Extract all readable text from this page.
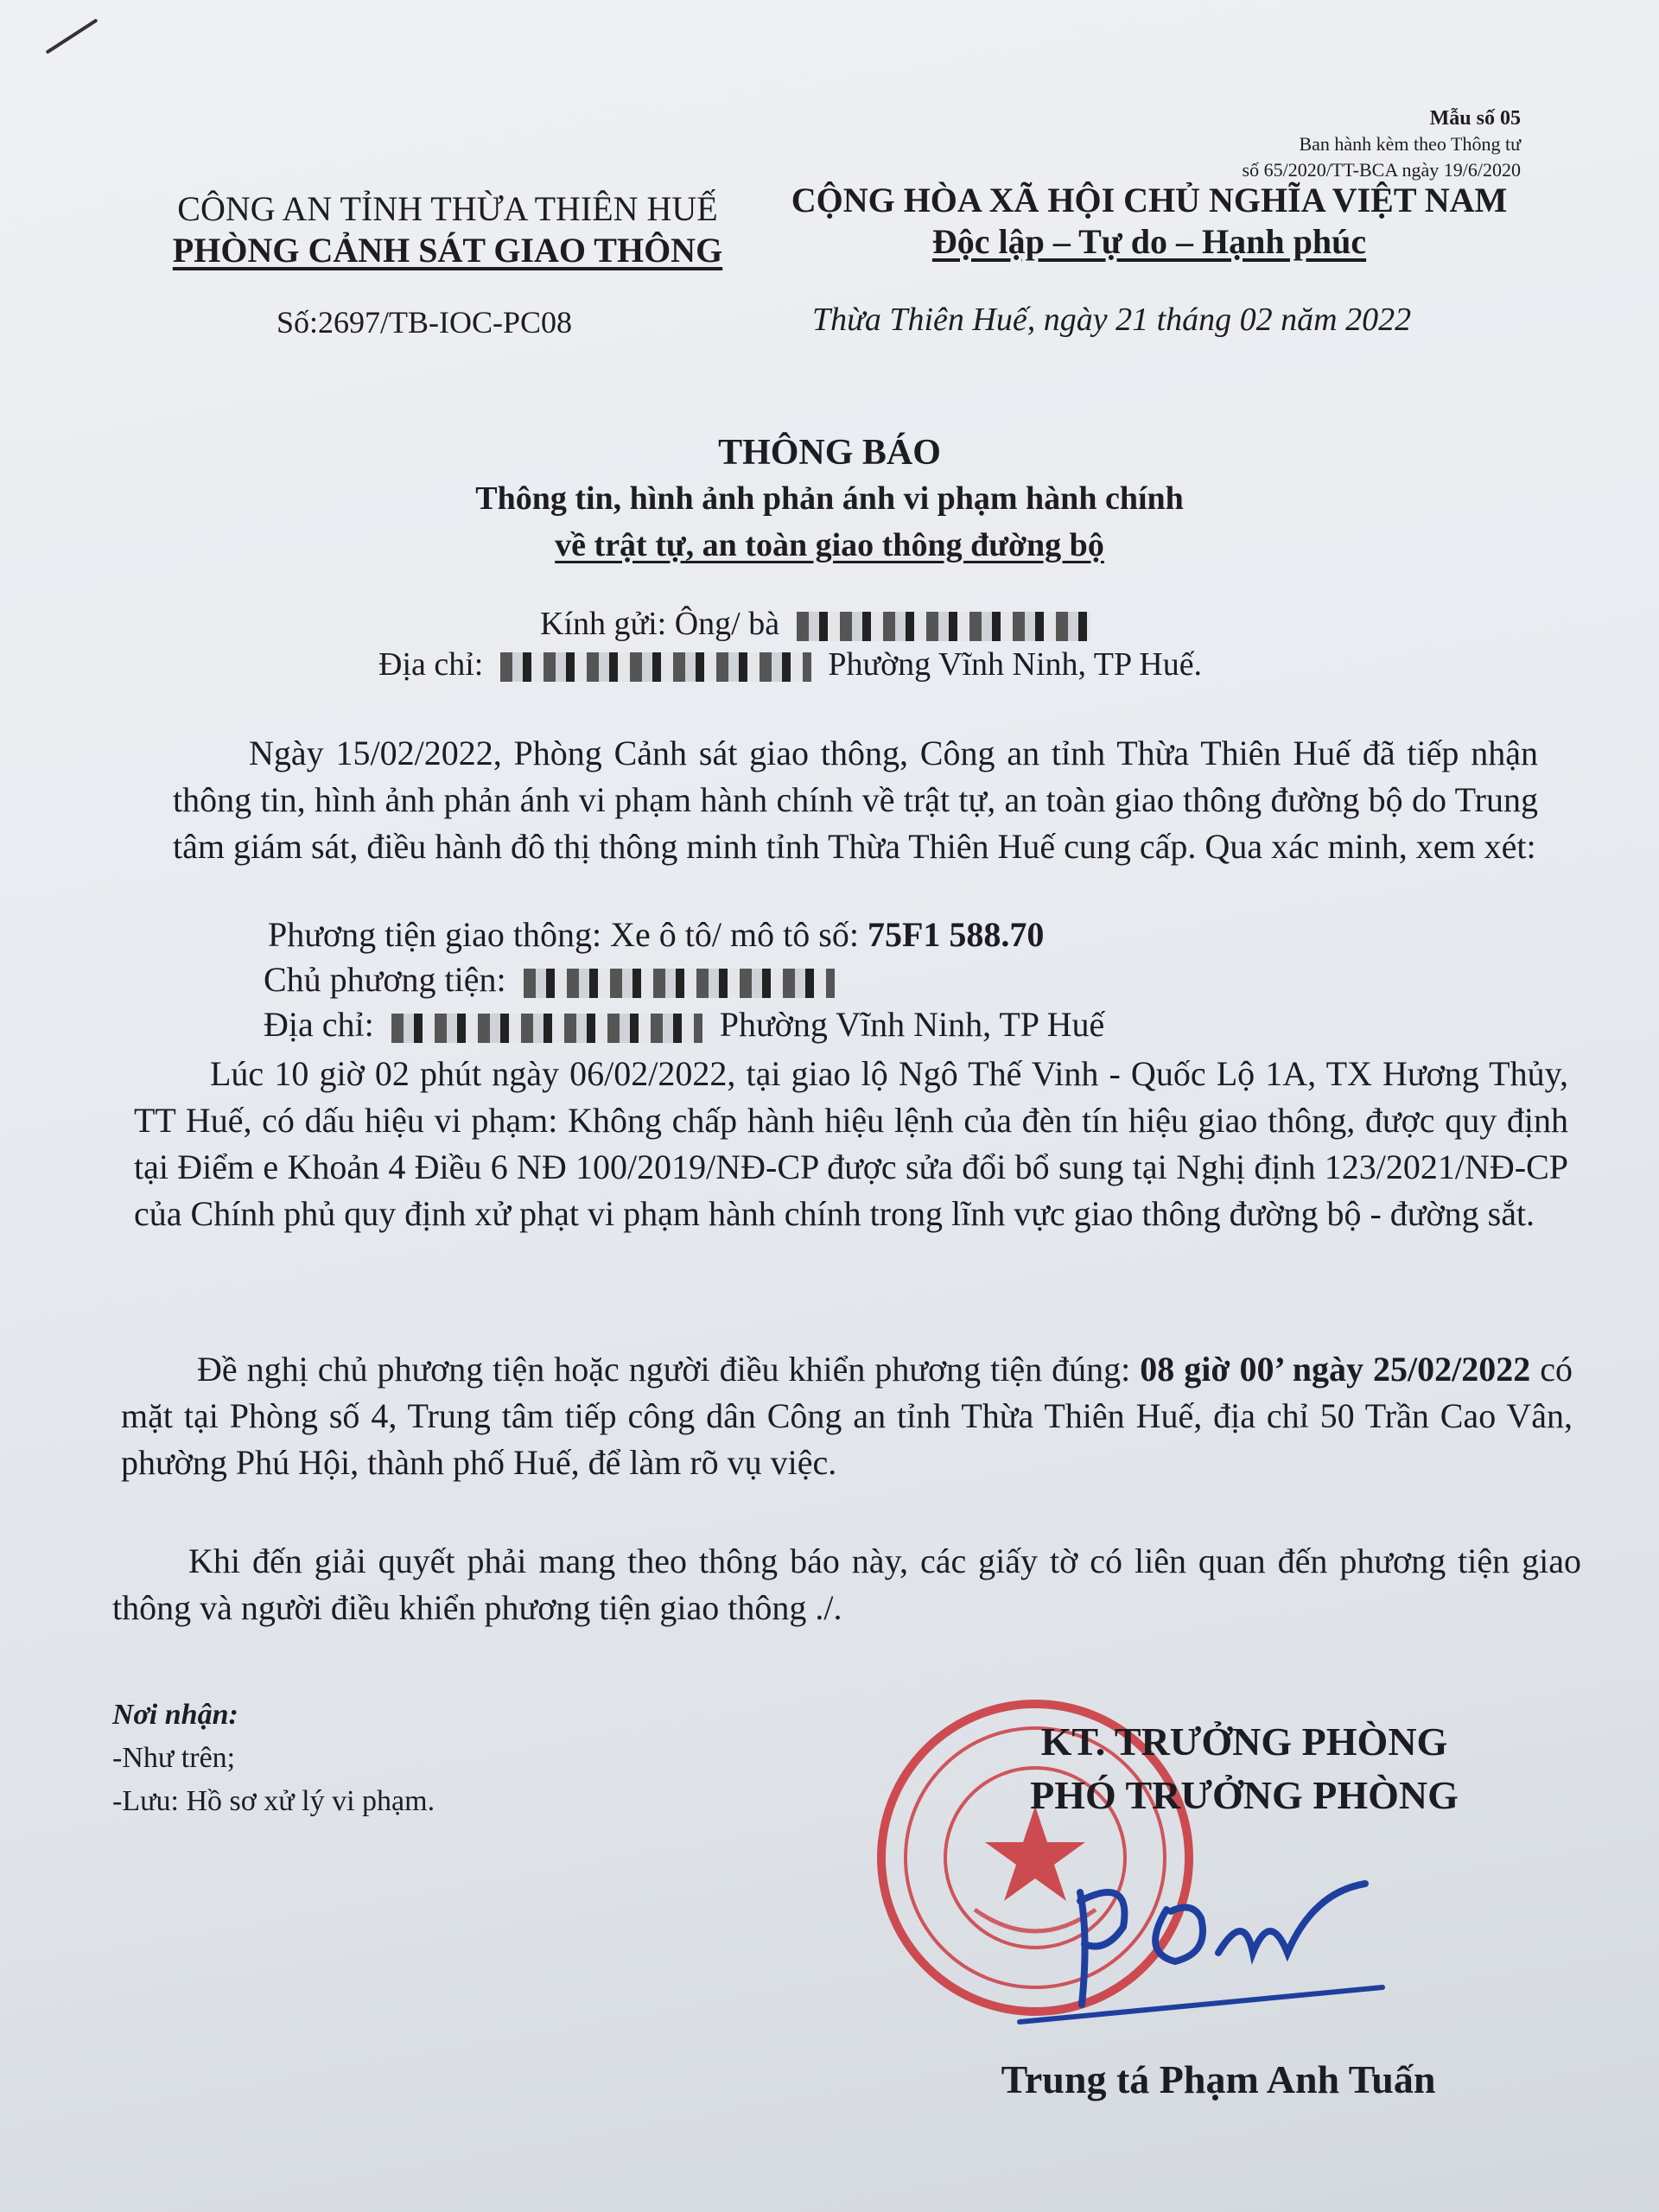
Mẫu số 05
Ban hành kèm theo Thông tư
số 65/2020/TT-BCA ngày 19/6/2020
CÔNG AN TỈNH THỪA THIÊN HUẾ
PHÒNG CẢNH SÁT GIAO THÔNG
CỘNG HÒA XÃ HỘI CHỦ NGHĨA VIỆT NAM
Độc lập – Tự do – Hạnh phúc
Số:2697/TB-IOC-PC08	Thừa Thiên Huế, ngày 21 tháng 02 năm 2022
THÔNG BÁO
Thông tin, hình ảnh phản ánh vi phạm hành chính
về trật tự, an toàn giao thông đường bộ
Kính gửi: Ông/ bà
Địa chỉ:	Phường Vĩnh Ninh, TP Huế.
Ngày 15/02/2022, Phòng Cảnh sát giao thông, Công an tỉnh Thừa Thiên Huế đã tiếp nhận thông tin, hình ảnh phản ánh vi phạm hành chính về trật tự, an toàn giao thông đường bộ do Trung tâm giám sát, điều hành đô thị thông minh tỉnh Thừa Thiên Huế cung cấp. Qua xác minh, xem xét:
Phương tiện giao thông: Xe ô tô/ mô tô số: 75F1 588.70
Chủ phương tiện:
Địa chỉ:	Phường Vĩnh Ninh, TP Huế
Lúc 10 giờ 02 phút ngày 06/02/2022, tại giao lộ Ngô Thế Vinh - Quốc Lộ 1A, TX Hương Thủy, TT Huế, có dấu hiệu vi phạm: Không chấp hành hiệu lệnh của đèn tín hiệu giao thông, được quy định tại Điểm e Khoản 4 Điều 6 NĐ 100/2019/NĐ-CP được sửa đổi bổ sung tại Nghị định 123/2021/NĐ-CP của Chính phủ quy định xử phạt vi phạm hành chính trong lĩnh vực giao thông đường bộ - đường sắt.
Đề nghị chủ phương tiện hoặc người điều khiển phương tiện đúng: 08 giờ 00’ ngày 25/02/2022 có mặt tại Phòng số 4, Trung tâm tiếp công dân Công an tỉnh Thừa Thiên Huế, địa chỉ 50 Trần Cao Vân, phường Phú Hội, thành phố Huế, để làm rõ vụ việc.
Khi đến giải quyết phải mang theo thông báo này, các giấy tờ có liên quan đến phương tiện giao thông và người điều khiển phương tiện giao thông ./.
Nơi nhận:
-Như trên;
-Lưu: Hồ sơ xử lý vi phạm.
KT. TRƯỞNG PHÒNG
PHÓ TRƯỞNG PHÒNG
Trung tá Phạm Anh Tuấn
